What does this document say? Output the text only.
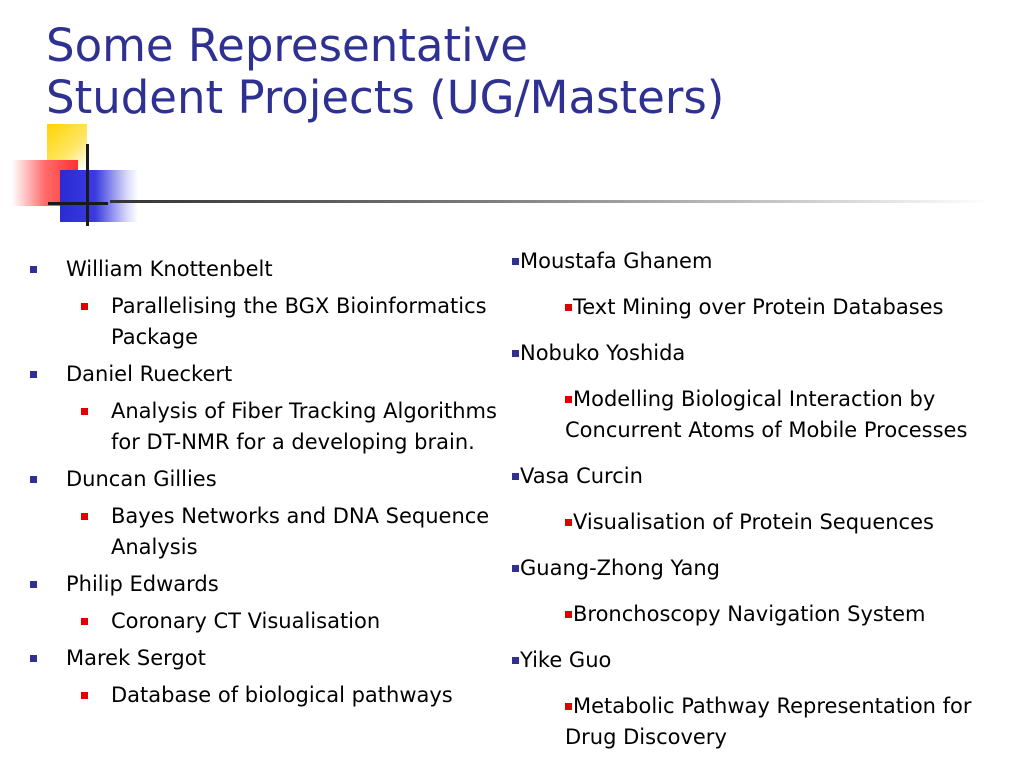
Some Representative
Student Projects (UG/Masters)
William Knottenbelt
Parallelising the BGX Bioinformatics Package
Daniel Rueckert
Analysis of Fiber Tracking Algorithms for DT-NMR for a developing brain.
Duncan Gillies
Bayes Networks and DNA Sequence Analysis
Philip Edwards
Coronary CT Visualisation
Marek Sergot
Database of biological pathways
Moustafa Ghanem
Text Mining over Protein Databases
Nobuko Yoshida
Modelling Biological Interaction by Concurrent Atoms of Mobile Processes
Vasa Curcin
Visualisation of Protein Sequences
Guang-Zhong Yang
Bronchoscopy Navigation System
Yike Guo
Metabolic Pathway Representation for Drug Discovery
